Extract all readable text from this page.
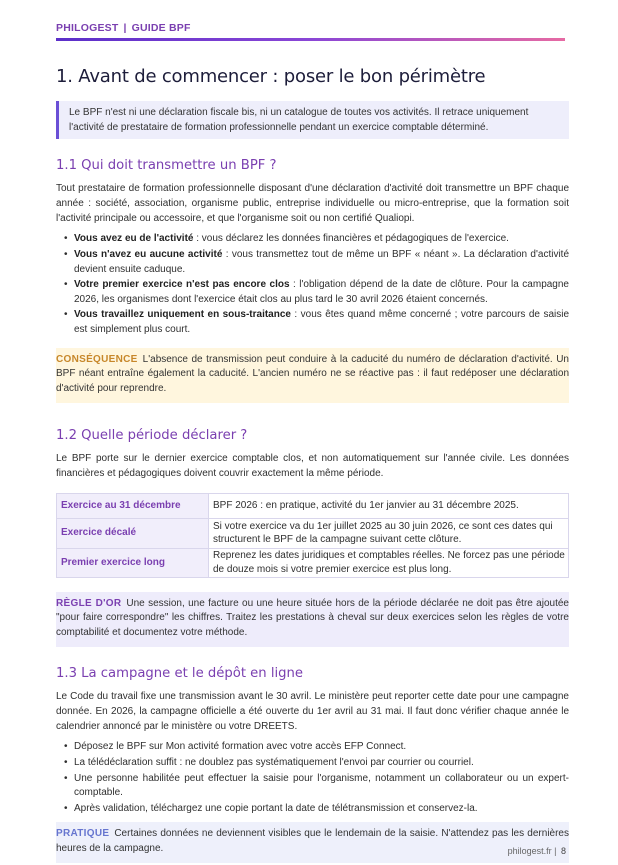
PHILOGEST | GUIDE BPF
1. Avant de commencer : poser le bon périmètre
Le BPF n'est ni une déclaration fiscale bis, ni un catalogue de toutes vos activités. Il retrace uniquement l'activité de prestataire de formation professionnelle pendant un exercice comptable déterminé.
1.1 Qui doit transmettre un BPF ?

Tout prestataire de formation professionnelle disposant d'une déclaration d'activité doit transmettre un BPF chaque année : société, association, organisme public, entreprise individuelle ou micro-entreprise, que la formation soit l'activité principale ou accessoire, et que l'organisme soit ou non certifié Qualiopi.

• Vous avez eu de l'activité : vous déclarez les données financières et pédagogiques de l'exercice.
• Vous n'avez eu aucune activité : vous transmettez tout de même un BPF « néant ». La déclaration d'activité devient ensuite caduque.
• Votre premier exercice n'est pas encore clos : l'obligation dépend de la date de clôture. Pour la campagne 2026, les organismes dont l'exercice était clos au plus tard le 30 avril 2026 étaient concernés.
• Vous travaillez uniquement en sous-traitance : vous êtes quand même concerné ; votre parcours de saisie est simplement plus court.
CONSÉQUENCE L'absence de transmission peut conduire à la caducité du numéro de déclaration d'activité. Un BPF néant entraîne également la caducité. L'ancien numéro ne se réactive pas : il faut redéposer une déclaration d'activité pour reprendre.
1.2 Quelle période déclarer ?

Le BPF porte sur le dernier exercice comptable clos, et non automatiquement sur l'année civile. Les données financières et pédagogiques doivent couvrir exactement la même période.

Exercice au 31 décembre	BPF 2026 : en pratique, activité du 1er janvier au 31 décembre 2025.
Exercice décalé	Si votre exercice va du 1er juillet 2025 au 30 juin 2026, ce sont ces dates qui structurent le BPF de la campagne suivant cette clôture.
Premier exercice long	Reprenez les dates juridiques et comptables réelles. Ne forcez pas une période de douze mois si votre premier exercice est plus long.
RÈGLE D'OR Une session, une facture ou une heure située hors de la période déclarée ne doit pas être ajoutée "pour faire correspondre" les chiffres. Traitez les prestations à cheval sur deux exercices selon les règles de votre comptabilité et documentez votre méthode.
1.3 La campagne et le dépôt en ligne

Le Code du travail fixe une transmission avant le 30 avril. Le ministère peut reporter cette date pour une campagne donnée. En 2026, la campagne officielle a été ouverte du 1er avril au 31 mai. Il faut donc vérifier chaque année le calendrier annoncé par le ministère ou votre DREETS.

• Déposez le BPF sur Mon activité formation avec votre accès EFP Connect.
• La télédéclaration suffit : ne doublez pas systématiquement l'envoi par courrier ou courriel.
• Une personne habilitée peut effectuer la saisie pour l'organisme, notamment un collaborateur ou un expert-comptable.
• Après validation, téléchargez une copie portant la date de télétransmission et conservez-la.
PRATIQUE Certaines données ne deviennent visibles que le lendemain de la saisie. N'attendez pas les dernières heures de la campagne.	philogest.fr | 8
